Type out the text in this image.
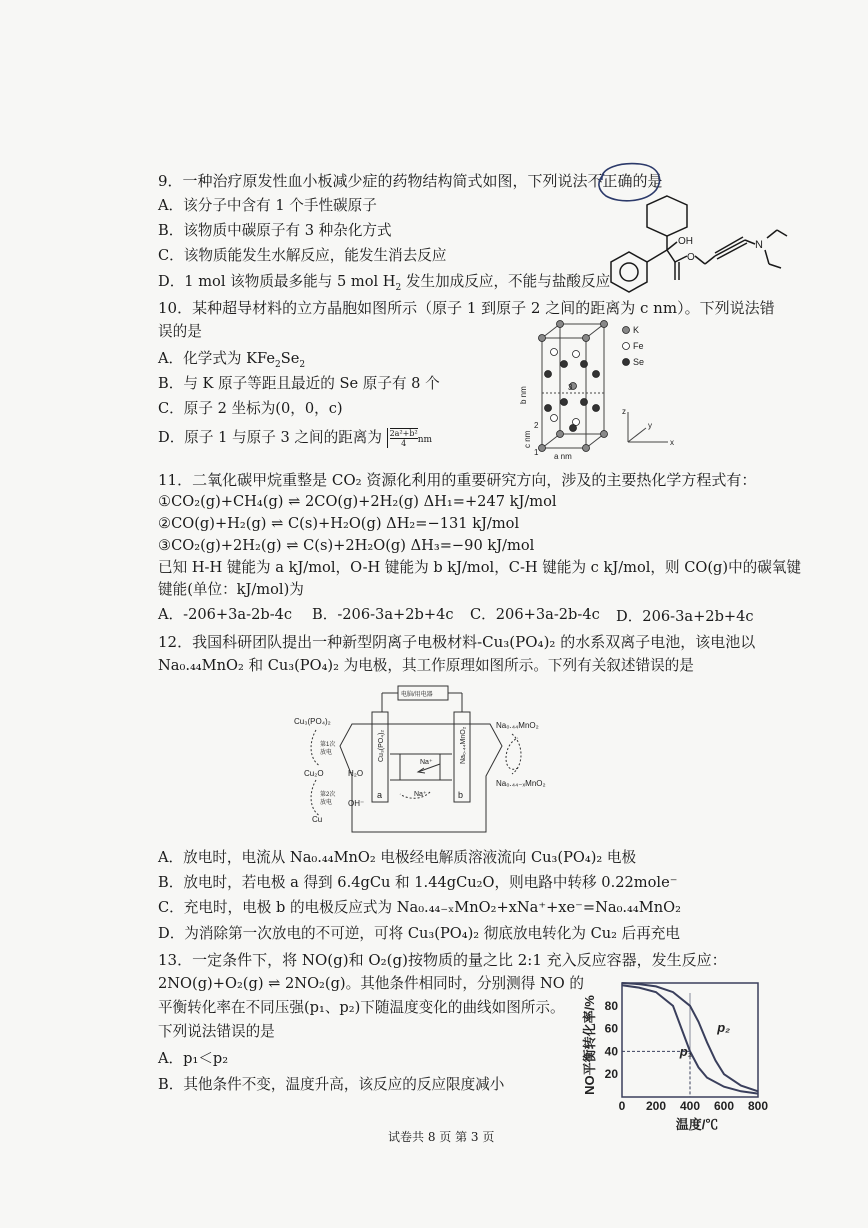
9．一种治疗原发性血小板减少症的药物结构简式如图，下列说法不正确的是
A．该分子中含有 1 个手性碳原子
B．该物质中碳原子有 3 种杂化方式
C．该物质能发生水解反应，能发生消去反应
D．1 mol 该物质最多能与 5 mol $H_2$ 发生加成反应，不能与盐酸反应
OH
O
N
10．某种超导材料的立方晶胞如图所示（原子 1 到原子 2 之间的距离为 c nm）。下列说法错
误的是
A．化学式为 $KFe_2Se_2$
B．与 K 原子等距且最近的 Se 原子有 8 个
C．原子 2 坐标为(0，0，c)
D．原子 1 与原子 3 之间的距离为 $\frac{\text{2a²+b²}}{4}$ nm
b nm
c nm
a nm
1
2
3
K
Fe
Se
z
x
y
11．二氧化碳甲烷重整是 CO₂ 资源化利用的重要研究方向，涉及的主要热化学方程式有：
①CO₂(g)+CH₄(g) ⇌ 2CO(g)+2H₂(g) ΔH₁=+247 kJ/mol
②CO(g)+H₂(g) ⇌ C(s)+H₂O(g) ΔH₂=−131 kJ/mol
③CO₂(g)+2H₂(g) ⇌ C(s)+2H₂O(g) ΔH₃=−90 kJ/mol
已知 H-H 键能为 a kJ/mol，O-H 键能为 b kJ/mol，C-H 键能为 c kJ/mol，则 CO(g)中的碳氧键
键能(单位：kJ/mol)为
A．-206+3a-2b-4c B．-206-3a+2b+4c C．206+3a-2b-4c D．206-3a+2b+4c
12．我国科研团队提出一种新型阴离子电极材料-Cu₃(PO₄)₂ 的水系双离子电池，该电池以
Na₀.₄₄MnO₂ 和 Cu₃(PO₄)₂ 为电极，其工作原理如图所示。下列有关叙述错误的是
电脑/用电器
Cu₃(PO₄)₂
第1次
放电
Cu₂O
第2次
放电
Cu
H₂O
OH⁻
Na⁺
Na⁺
Cu₃(PO₄)₂	Na₀.₄₄MnO₂
a	b
Na₀.₄₄MnO₂
Na₀.₄₄₋ₓMnO₂
A．放电时，电流从 Na₀.₄₄MnO₂ 电极经电解质溶液流向 Cu₃(PO₄)₂ 电极
B．放电时，若电极 a 得到 6.4gCu 和 1.44gCu₂O，则电路中转移 0.22mole⁻
C．充电时，电极 b 的电极反应式为 Na₀.₄₄₋ₓMnO₂+xNa⁺+xe⁻=Na₀.₄₄MnO₂
D．为消除第一次放电的不可逆，可将 Cu₃(PO₄)₂ 彻底放电转化为 Cu₂ 后再充电
13．一定条件下，将 NO(g)和 O₂(g)按物质的量之比 2:1 充入反应容器，发生反应：
2NO(g)+O₂(g) ⇌ 2NO₂(g)。其他条件相同时，分别测得 NO 的
平衡转化率在不同压强(p₁、p₂)下随温度变化的曲线如图所示。
下列说法错误的是
A．p₁＜p₂
B．其他条件不变，温度升高，该反应的反应限度减小	NO平衡转化率/%
温度/℃
0 200 400 600 800
20
40
60
80
p₁
p₂
试卷共 8 页 第 3 页
